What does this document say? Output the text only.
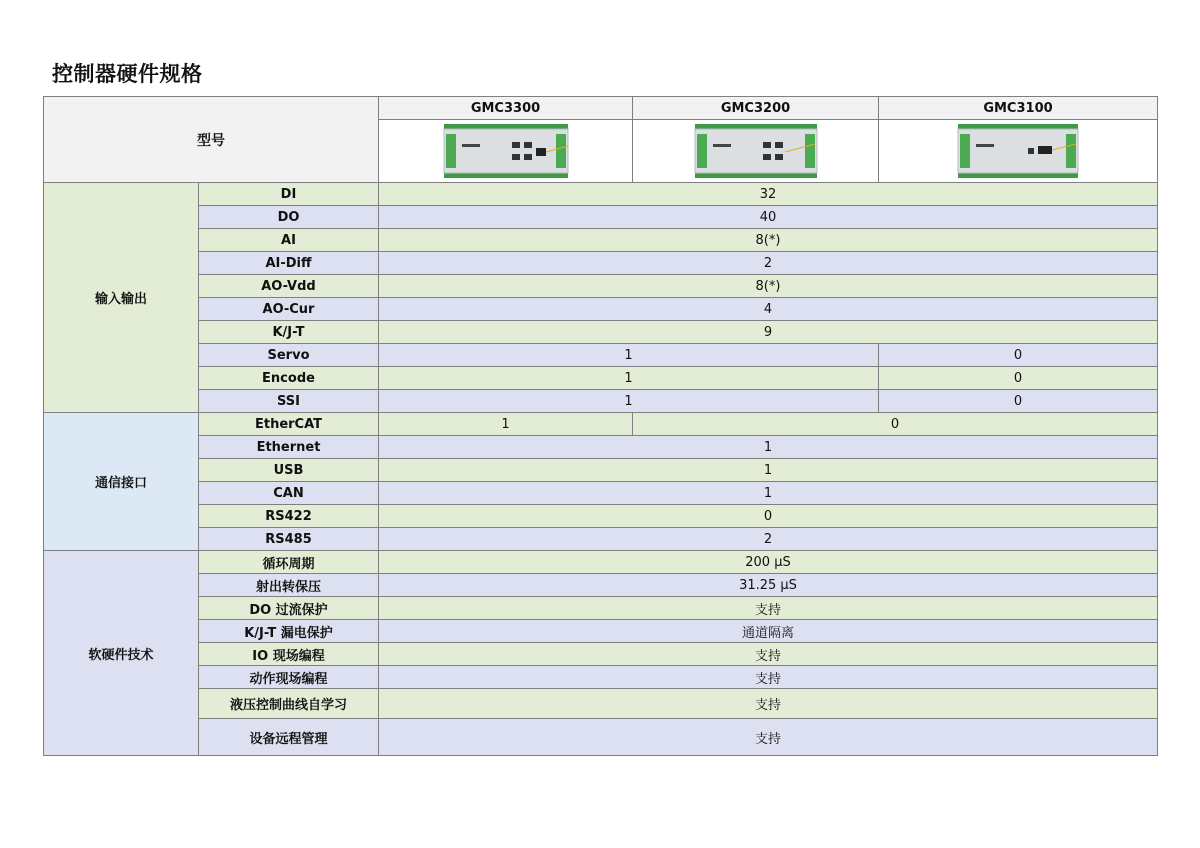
控制器硬件规格
型号		GMC3300	GMC3200	GMC3100

输入输出	DI	32		
	DO	40		
	AI	8(*)		
	AI-Diff	2		
	AO-Vdd	8(*)		
	AO-Cur	4		
	K/J-T	9		
	Servo	1		0
	Encode	1		0
	SSI	1		0
通信接口	EtherCAT	1	0	
	Ethernet	1		
	USB	1		
	CAN	1		
	RS422	0		
	RS485	2		
软硬件技术	循环周期	200 μS		
	射出转保压	31.25 μS		
	DO 过流保护	支持		
	K/J-T 漏电保护	通道隔离		
	IO 现场编程	支持		
	动作现场编程	支持		
	液压控制曲线自学习	支持		
	设备远程管理	支持		
